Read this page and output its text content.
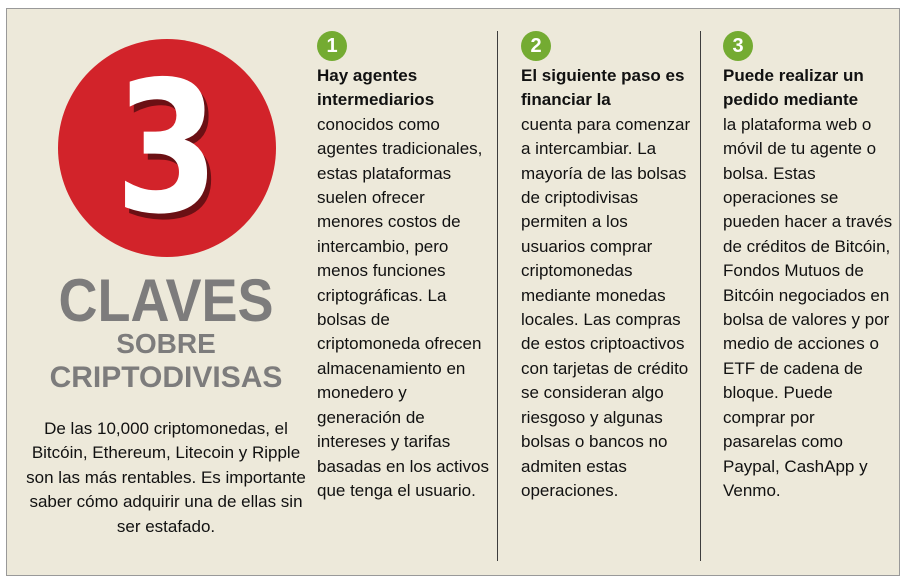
3
CLAVES
SOBRE
CRIPTODIVISAS
De las 10,000 criptomonedas, el Bitcóin, Ethereum, Litecoin y Ripple son las más rentables. Es importante saber cómo adquirir una de ellas sin ser estafado.
1
Hay agentes intermediarios
conocidos como agentes tradicionales, estas plataformas suelen ofrecer menores costos de intercambio, pero menos funciones criptográficas. La bolsas de criptomoneda ofrecen almacenamiento en monedero y generación de intereses y tarifas basadas en los activos que tenga el usuario.
2
El siguiente paso es financiar la
cuenta para comenzar a intercambiar. La mayoría de las bolsas de criptodivisas permiten a los usuarios comprar criptomonedas mediante monedas locales. Las compras de estos criptoactivos con tarjetas de crédito se consideran algo riesgoso y algunas bolsas o bancos no admiten estas operaciones.
3
Puede realizar un pedido mediante
la plataforma web o móvil de tu agente o bolsa. Estas operaciones se pueden hacer a través de créditos de Bitcóin, Fondos Mutuos de Bitcóin negociados en bolsa de valores y por medio de acciones o ETF de cadena de bloque. Puede comprar por pasarelas como Paypal, CashApp y Venmo.
